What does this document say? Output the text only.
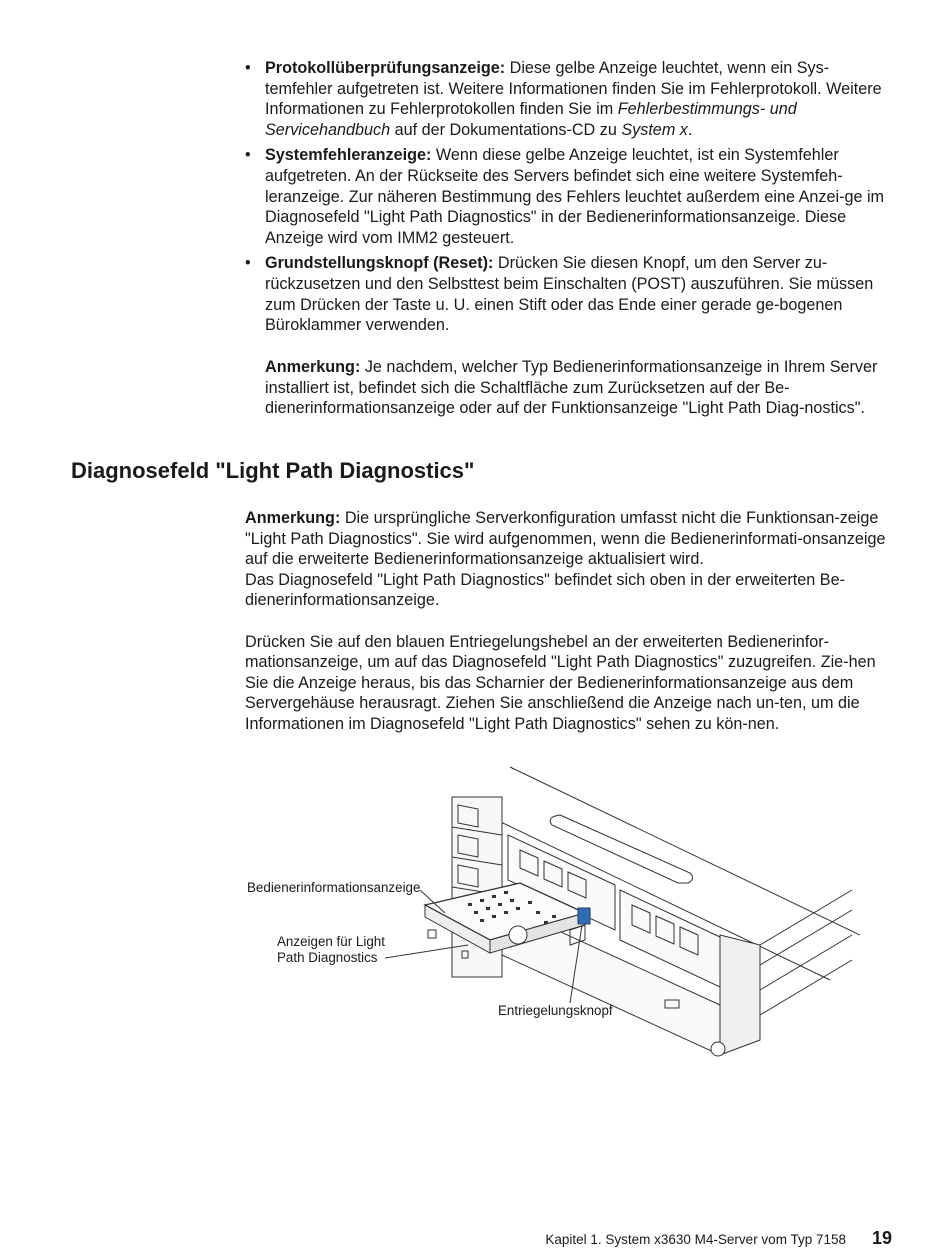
• Protokollüberprüfungsanzeige: Diese gelbe Anzeige leuchtet, wenn ein Sys-temfehler aufgetreten ist. Weitere Informationen finden Sie im Fehlerprotokoll. Weitere Informationen zu Fehlerprotokollen finden Sie im Fehlerbestimmungs- und Servicehandbuch auf der Dokumentations-CD zu System x.
• Systemfehleranzeige: Wenn diese gelbe Anzeige leuchtet, ist ein Systemfehler aufgetreten. An der Rückseite des Servers befindet sich eine weitere Systemfeh-leranzeige. Zur näheren Bestimmung des Fehlers leuchtet außerdem eine Anzei-ge im Diagnosefeld "Light Path Diagnostics" in der Bedienerinformationsanzeige. Diese Anzeige wird vom IMM2 gesteuert.
• Grundstellungsknopf (Reset): Drücken Sie diesen Knopf, um den Server zu-rückzusetzen und den Selbsttest beim Einschalten (POST) auszuführen. Sie müssen zum Drücken der Taste u. U. einen Stift oder das Ende einer gerade ge-bogenen Büroklammer verwenden.
Anmerkung: Je nachdem, welcher Typ Bedienerinformationsanzeige in Ihrem Server installiert ist, befindet sich die Schaltfläche zum Zurücksetzen auf der Be-dienerinformationsanzeige oder auf der Funktionsanzeige "Light Path Diag-nostics".
Diagnosefeld "Light Path Diagnostics"

Anmerkung: Die ursprüngliche Serverkonfiguration umfasst nicht die Funktionsan-zeige "Light Path Diagnostics". Sie wird aufgenommen, wenn die Bedienerinformati-onsanzeige auf die erweiterte Bedienerinformationsanzeige aktualisiert wird.

Das Diagnosefeld "Light Path Diagnostics" befindet sich oben in der erweiterten Be-dienerinformationsanzeige.

Drücken Sie auf den blauen Entriegelungshebel an der erweiterten Bedienerinfor-mationsanzeige, um auf das Diagnosefeld "Light Path Diagnostics" zuzugreifen. Zie-hen Sie die Anzeige heraus, bis das Scharnier der Bedienerinformationsanzeige aus dem Servergehäuse herausragt. Ziehen Sie anschließend die Anzeige nach un-ten, um die Informationen im Diagnosefeld "Light Path Diagnostics" sehen zu kön-nen.

Bedienerinformationsanzeige
Anzeigen für Light
Path Diagnostics
Entriegelungsknopf
Kapitel 1. System x3630 M4-Server vom Typ 7158 19
